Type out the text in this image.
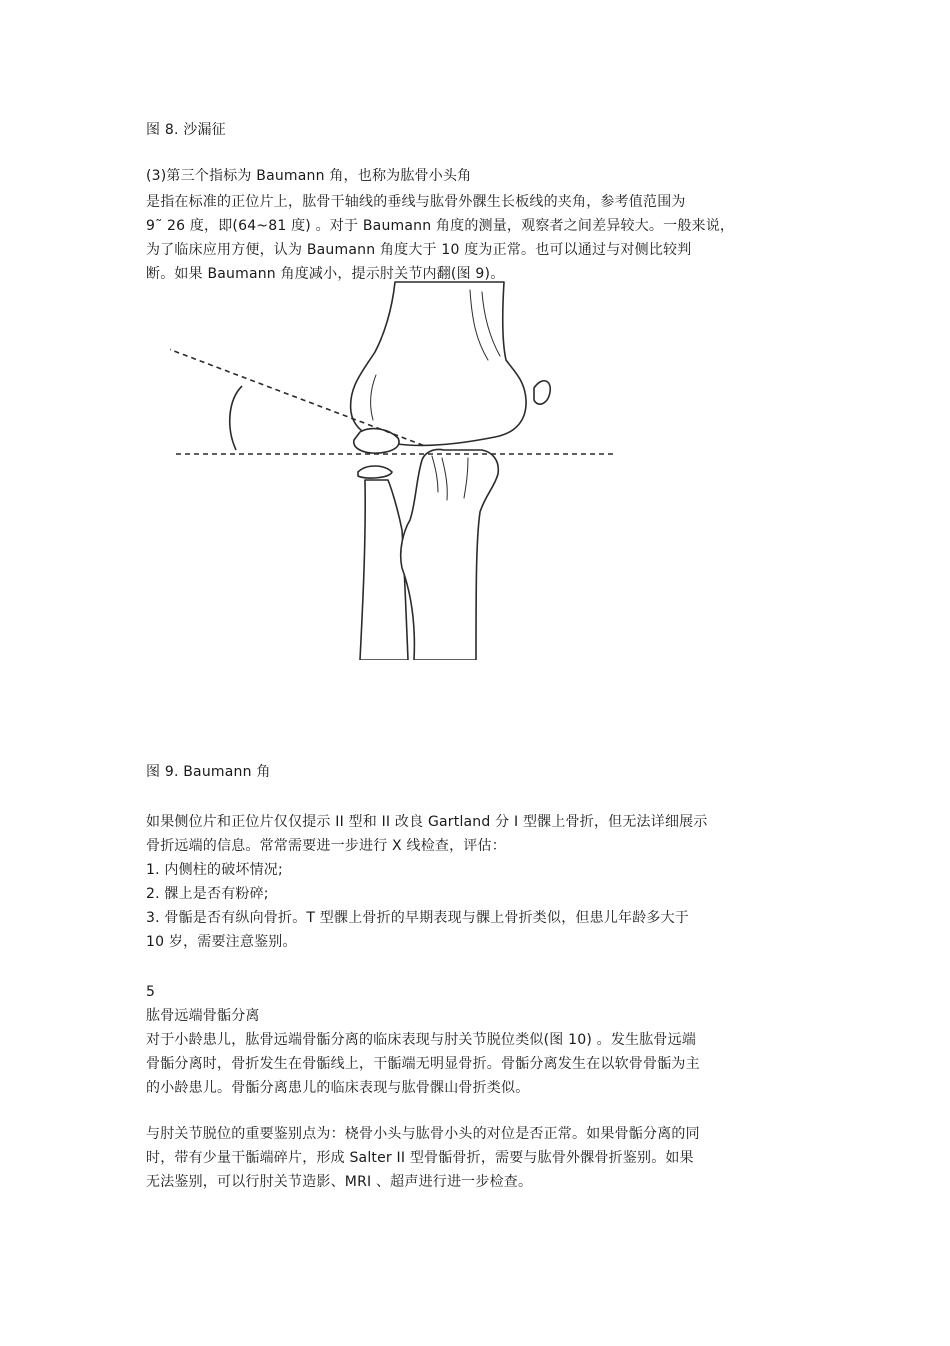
图 8. 沙漏征
(3)第三个指标为 Baumann 角，也称为肱骨小头角
是指在标准的正位片上，肱骨干轴线的垂线与肱骨外髁生长板线的夹角，参考值范围为
9˜ 26 度，即(64~81 度) 。对于 Baumann 角度的测量，观察者之间差异较大。一般来说，
为了临床应用方便，认为 Baumann 角度大于 10 度为正常。也可以通过与对侧比较判
断。如果 Baumann 角度减小，提示肘关节内翻(图 9)。
图 9. Baumann 角
如果侧位片和正位片仅仅提示 II 型和 II 改良 Gartland 分 I 型髁上骨折，但无法详细展示
骨折远端的信息。常常需要进一步进行 X 线检查，评估：
1. 内侧柱的破坏情况;
2. 髁上是否有粉碎;
3. 骨骺是否有纵向骨折。T 型髁上骨折的早期表现与髁上骨折类似，但患儿年龄多大于
10 岁，需要注意鉴别。
5
肱骨远端骨骺分离
对于小龄患儿，肱骨远端骨骺分离的临床表现与肘关节脱位类似(图 10) 。发生肱骨远端
骨骺分离时，骨折发生在骨骺线上，干骺端无明显骨折。骨骺分离发生在以软骨骨骺为主
的小龄患儿。骨骺分离患儿的临床表现与肱骨髁山骨折类似。
与肘关节脱位的重要鉴别点为：桡骨小头与肱骨小头的对位是否正常。如果骨骺分离的同
时，带有少量干骺端碎片，形成 Salter II 型骨骺骨折，需要与肱骨外髁骨折鉴别。如果
无法鉴别，可以行肘关节造影、MRI 、超声进行进一步检查。
